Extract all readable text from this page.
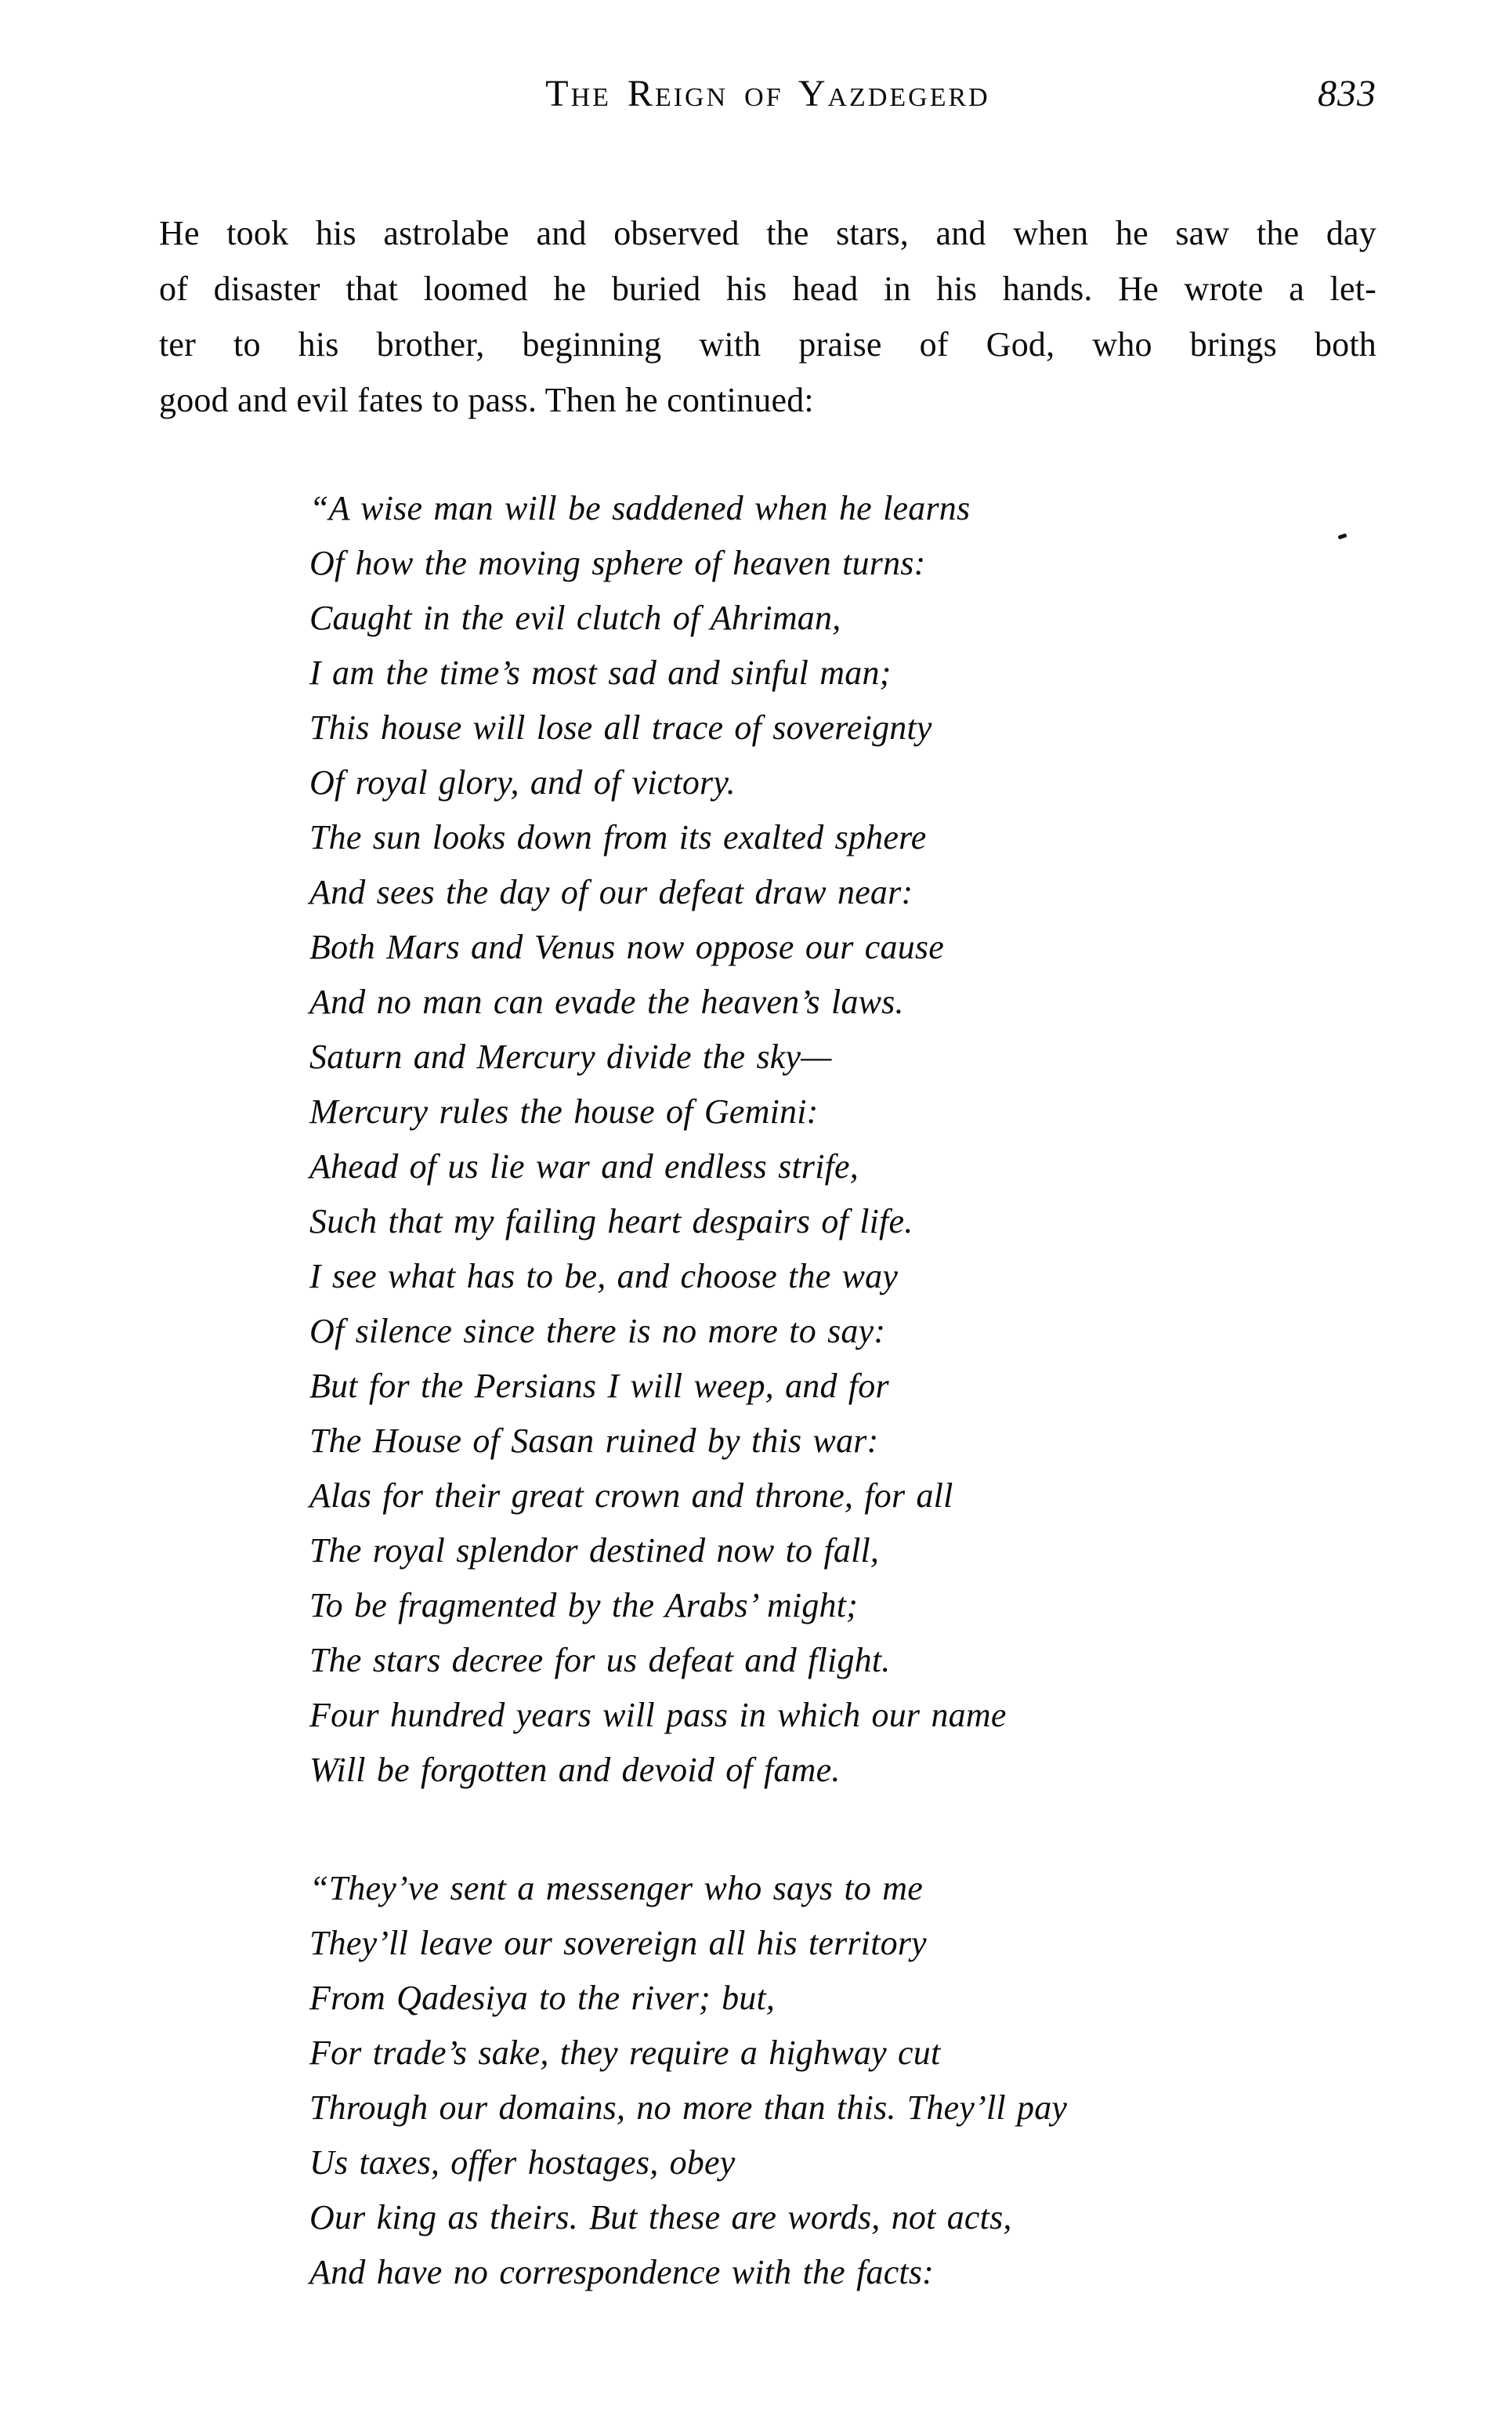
The Reign of Yazdegerd	833
He took his astrolabe and observed the stars, and when he saw the day
of disaster that loomed he buried his head in his hands. He wrote a let-
ter to his brother, beginning with praise of God, who brings both
good and evil fates to pass. Then he continued:
“A wise man will be saddened when he learns
Of how the moving sphere of heaven turns:
Caught in the evil clutch of Ahriman,
I am the time’s most sad and sinful man;
This house will lose all trace of sovereignty
Of royal glory, and of victory.
The sun looks down from its exalted sphere
And sees the day of our defeat draw near:
Both Mars and Venus now oppose our cause
And no man can evade the heaven’s laws.
Saturn and Mercury divide the sky—
Mercury rules the house of Gemini:
Ahead of us lie war and endless strife,
Such that my failing heart despairs of life.
I see what has to be, and choose the way
Of silence since there is no more to say:
But for the Persians I will weep, and for
The House of Sasan ruined by this war:
Alas for their great crown and throne, for all
The royal splendor destined now to fall,
To be fragmented by the Arabs’ might;
The stars decree for us defeat and flight.
Four hundred years will pass in which our name
Will be forgotten and devoid of fame.
“They’ve sent a messenger who says to me
They’ll leave our sovereign all his territory
From Qadesiya to the river; but,
For trade’s sake, they require a highway cut
Through our domains, no more than this. They’ll pay
Us taxes, offer hostages, obey
Our king as theirs. But these are words, not acts,
And have no correspondence with the facts:
